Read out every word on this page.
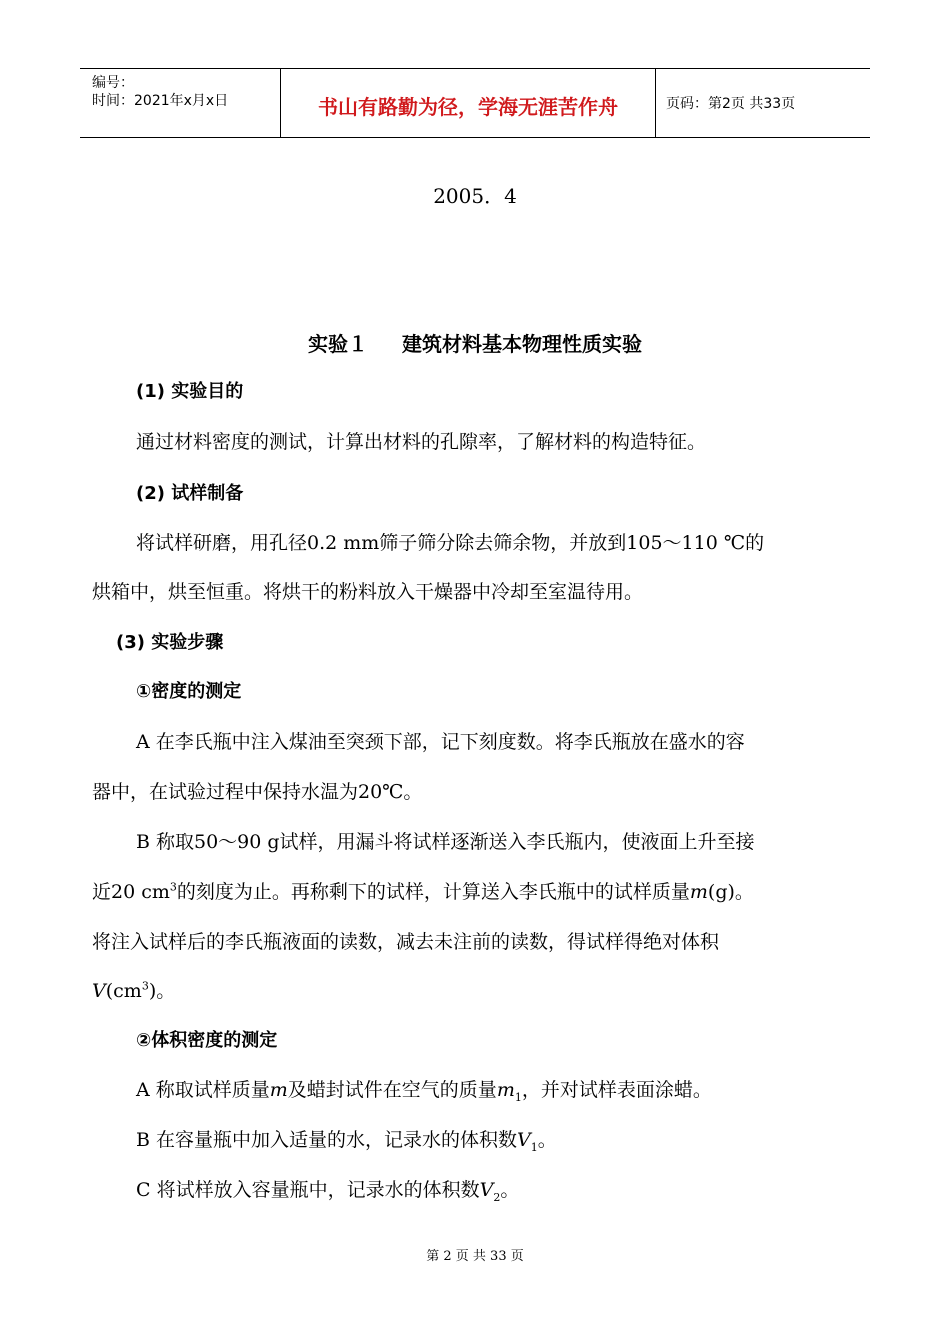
编号：
时间：2021年x月x日	书山有路勤为径，学海无涯苦作舟	页码：第2页 共33页
2005．4
实验１ 建筑材料基本物理性质实验
(1) 实验目的
通过材料密度的测试，计算出材料的孔隙率，了解材料的构造特征。
(2) 试样制备
将试样研磨，用孔径0.2 mm筛子筛分除去筛余物，并放到105～110 ℃的
烘箱中，烘至恒重。将烘干的粉料放入干燥器中冷却至室温待用。
(3) 实验步骤
①密度的测定
A 在李氏瓶中注入煤油至突颈下部，记下刻度数。将李氏瓶放在盛水的容
器中，在试验过程中保持水温为20℃。
B 称取50～90 g试样，用漏斗将试样逐渐送入李氏瓶内，使液面上升至接
近20 $cm^3$的刻度为止。再称剩下的试样，计算送入李氏瓶中的试样质量m(g)。
将注入试样后的李氏瓶液面的读数，减去未注前的读数，得试样得绝对体积
$V(cm^3)$。
②体积密度的测定
A 称取试样质量m及蜡封试件在空气的质量$m_1$，并对试样表面涂蜡。
B 在容量瓶中加入适量的水，记录水的体积数$V_1$。
C 将试样放入容量瓶中，记录水的体积数$V_2$。
第 2 页 共 33 页
